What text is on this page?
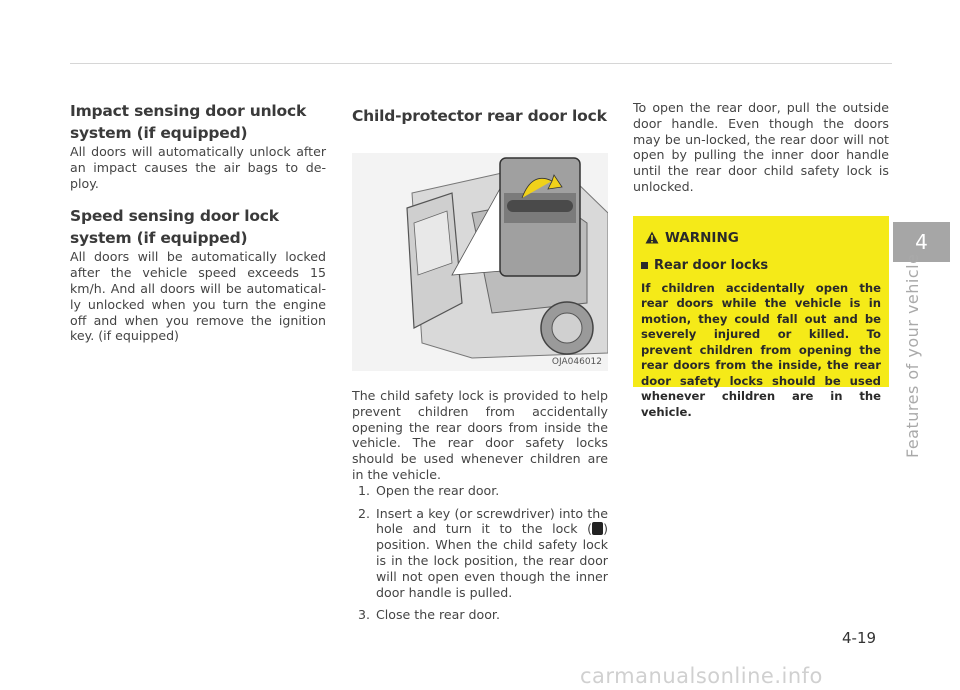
Impact sensing door unlock system (if equipped)

All doors will automatically unlock after an impact causes the air bags to de-ploy.

Speed sensing door lock system (if equipped)

All doors will be automatically locked after the vehicle speed exceeds 15 km/h. And all doors will be automatical-ly unlocked when you turn the engine off and when you remove the ignition key. (if equipped)

Child-protector rear door lock
OJA046012

The child safety lock is provided to help prevent children from accidentally opening the rear doors from inside the vehicle. The rear door safety locks should be used whenever children are in the vehicle.

1. Open the rear door.
2. Insert a key (or screwdriver) into the hole and turn it to the lock ( ) position. When the child safety lock is in the lock position, the rear door will not open even though the inner door handle is pulled.
3. Close the rear door.

To open the rear door, pull the outside door handle. Even though the doors may be un-locked, the rear door will not open by pulling the inner door handle until the rear door child safety lock is unlocked.

WARNING
Rear door locks
If children accidentally open the rear doors while the vehicle is in motion, they could fall out and be severely injured or killed. To prevent children from opening the rear doors from the inside, the rear door safety locks should be used whenever children are in the vehicle.
4
Features of your vehicle
4-19
carmanualsonline.info
